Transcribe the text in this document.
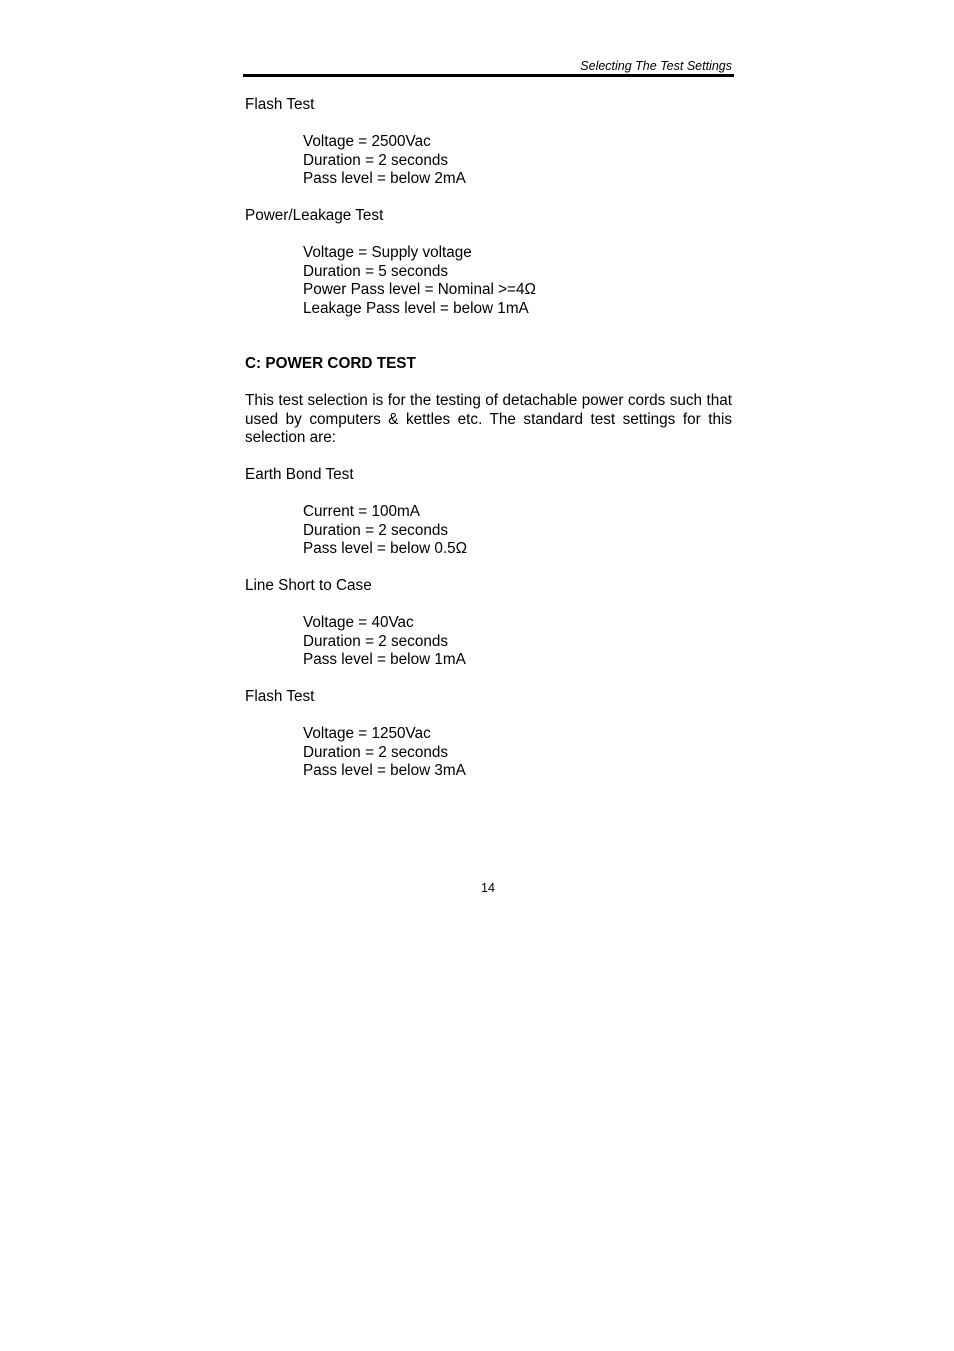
Selecting The Test Settings

Flash Test

Voltage = 2500Vac
Duration = 2 seconds
Pass level = below 2mA

Power/Leakage Test

Voltage = Supply voltage
Duration = 5 seconds
Power Pass level = Nominal >=4Ω
Leakage Pass level = below 1mA

C: POWER CORD TEST

This test selection is for the testing of detachable power cords such that used by computers & kettles etc. The standard test settings for this selection are:

Earth Bond Test

Current = 100mA
Duration = 2 seconds
Pass level = below 0.5Ω

Line Short to Case

Voltage = 40Vac
Duration = 2 seconds
Pass level = below 1mA

Flash Test

Voltage = 1250Vac
Duration = 2 seconds
Pass level = below 3mA
14
